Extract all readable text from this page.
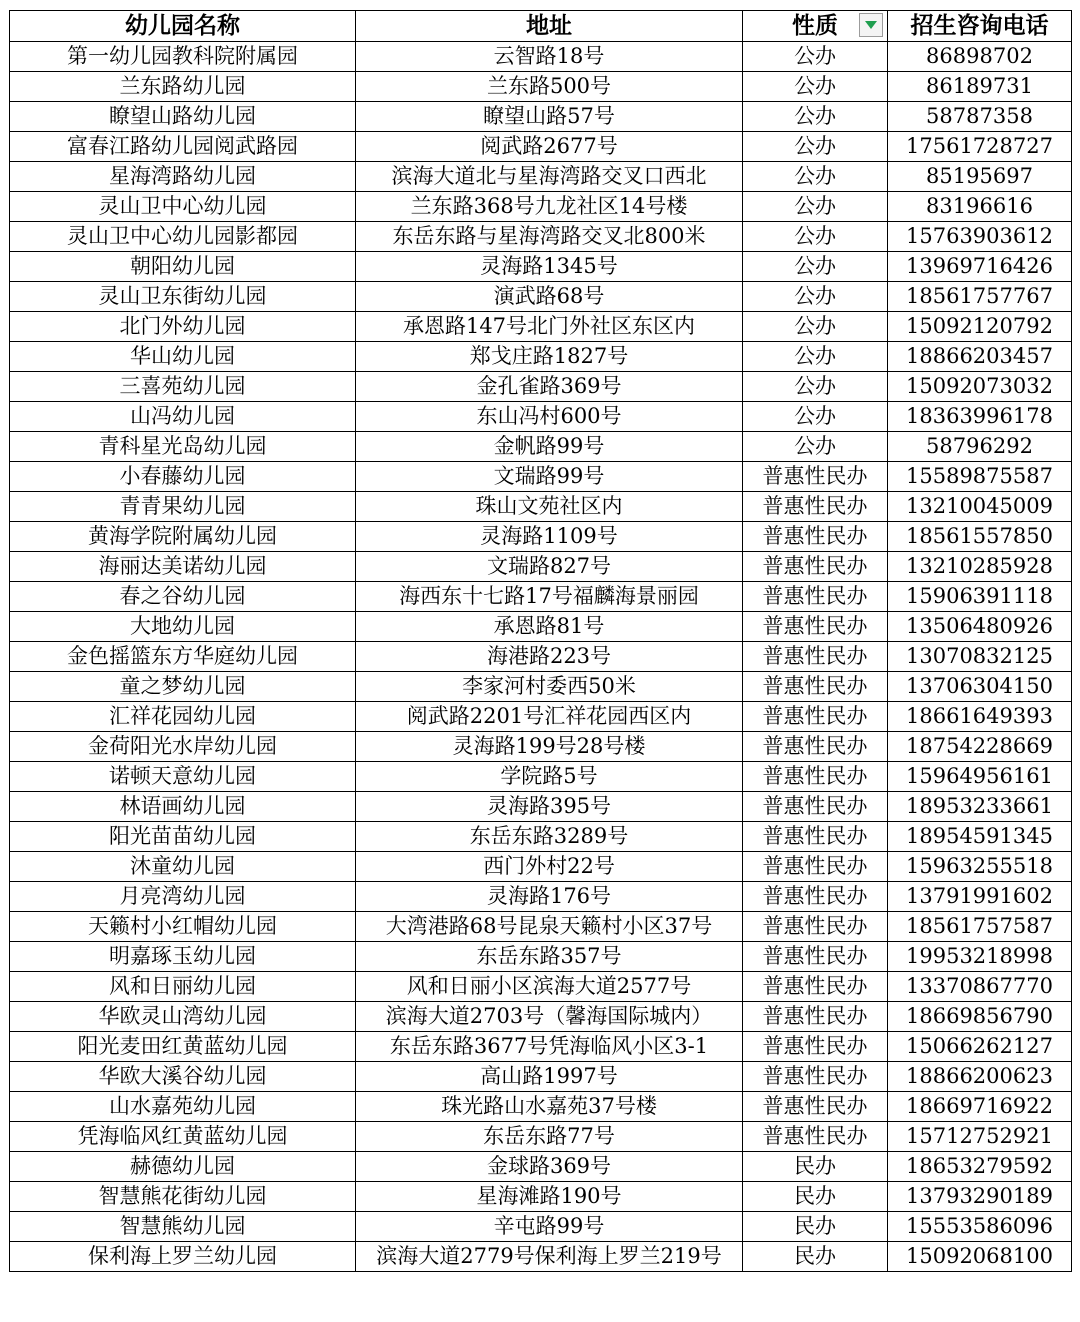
幼儿园名称	地址	性质	招生咨询电话
第一幼儿园教科院附属园	云智路18号	公办	86898702
兰东路幼儿园	兰东路500号	公办	86189731
瞭望山路幼儿园	瞭望山路57号	公办	58787358
富春江路幼儿园阅武路园	阅武路2677号	公办	17561728727
星海湾路幼儿园	滨海大道北与星海湾路交叉口西北	公办	85195697
灵山卫中心幼儿园	兰东路368号九龙社区14号楼	公办	83196616
灵山卫中心幼儿园影都园	东岳东路与星海湾路交叉北800米	公办	15763903612
朝阳幼儿园	灵海路1345号	公办	13969716426
灵山卫东街幼儿园	演武路68号	公办	18561757767
北门外幼儿园	承恩路147号北门外社区东区内	公办	15092120792
华山幼儿园	郑戈庄路1827号	公办	18866203457
三喜苑幼儿园	金孔雀路369号	公办	15092073032
山冯幼儿园	东山冯村600号	公办	18363996178
青科星光岛幼儿园	金帆路99号	公办	58796292
小春藤幼儿园	文瑞路99号	普惠性民办	15589875587
青青果幼儿园	珠山文苑社区内	普惠性民办	13210045009
黄海学院附属幼儿园	灵海路1109号	普惠性民办	18561557850
海丽达美诺幼儿园	文瑞路827号	普惠性民办	13210285928
春之谷幼儿园	海西东十七路17号福麟海景丽园	普惠性民办	15906391118
大地幼儿园	承恩路81号	普惠性民办	13506480926
金色摇篮东方华庭幼儿园	海港路223号	普惠性民办	13070832125
童之梦幼儿园	李家河村委西50米	普惠性民办	13706304150
汇祥花园幼儿园	阅武路2201号汇祥花园西区内	普惠性民办	18661649393
金荷阳光水岸幼儿园	灵海路199号28号楼	普惠性民办	18754228669
诺顿天意幼儿园	学院路5号	普惠性民办	15964956161
林语画幼儿园	灵海路395号	普惠性民办	18953233661
阳光苗苗幼儿园	东岳东路3289号	普惠性民办	18954591345
沐童幼儿园	西门外村22号	普惠性民办	15963255518
月亮湾幼儿园	灵海路176号	普惠性民办	13791991602
天籁村小红帽幼儿园	大湾港路68号昆泉天籁村小区37号	普惠性民办	18561757587
明嘉琢玉幼儿园	东岳东路357号	普惠性民办	19953218998
风和日丽幼儿园	风和日丽小区滨海大道2577号	普惠性民办	13370867770
华欧灵山湾幼儿园	滨海大道2703号（馨海国际城内）	普惠性民办	18669856790
阳光麦田红黄蓝幼儿园	东岳东路3677号凭海临风小区3-1	普惠性民办	15066262127
华欧大溪谷幼儿园	高山路1997号	普惠性民办	18866200623
山水嘉苑幼儿园	珠光路山水嘉苑37号楼	普惠性民办	18669716922
凭海临风红黄蓝幼儿园	东岳东路77号	普惠性民办	15712752921
赫德幼儿园	金球路369号	民办	18653279592
智慧熊花街幼儿园	星海滩路190号	民办	13793290189
智慧熊幼儿园	辛屯路99号	民办	15553586096
保利海上罗兰幼儿园	滨海大道2779号保利海上罗兰219号	民办	15092068100
